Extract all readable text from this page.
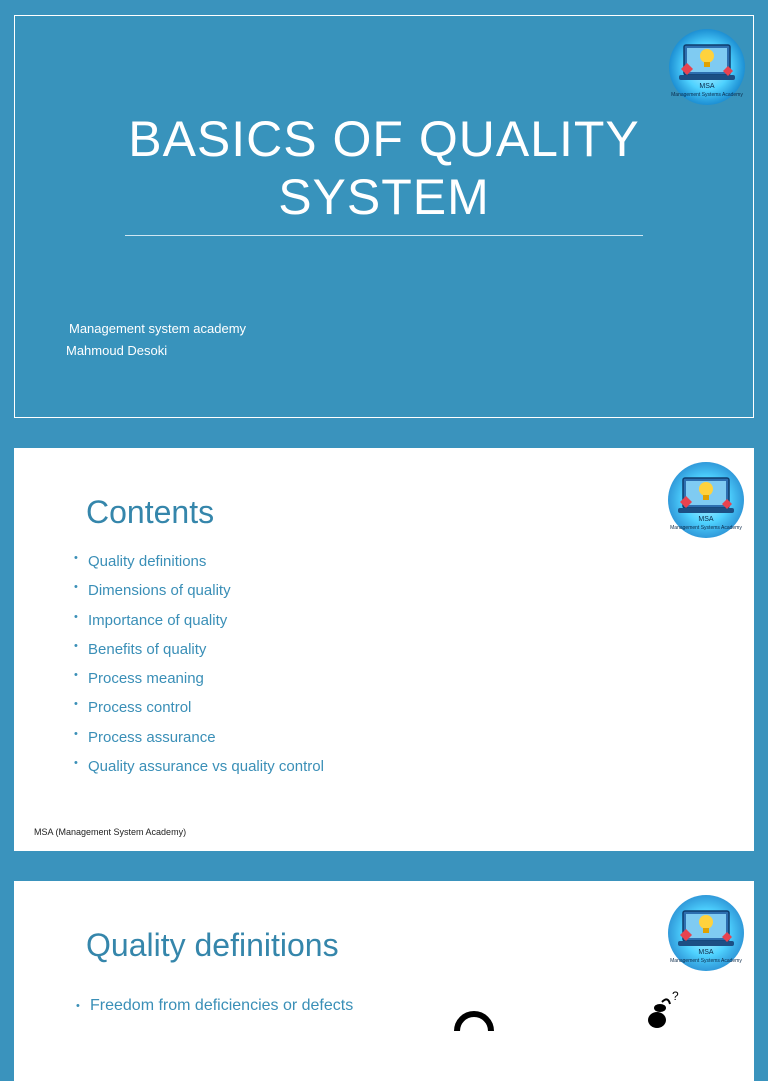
BASICS OF QUALITY
SYSTEM
Management system academy
Mahmoud Desoki
MSA
Management Systems Academy
Contents
• Quality definitions
• Dimensions of quality
• Importance of quality
• Benefits of quality
• Process meaning
• Process control
• Process assurance
• Quality assurance vs quality control
MSA (Management System Academy)
MSA
Management Systems Academy
Quality definitions
• Freedom from deficiencies or defects
?
MSA
Management Systems Academy
